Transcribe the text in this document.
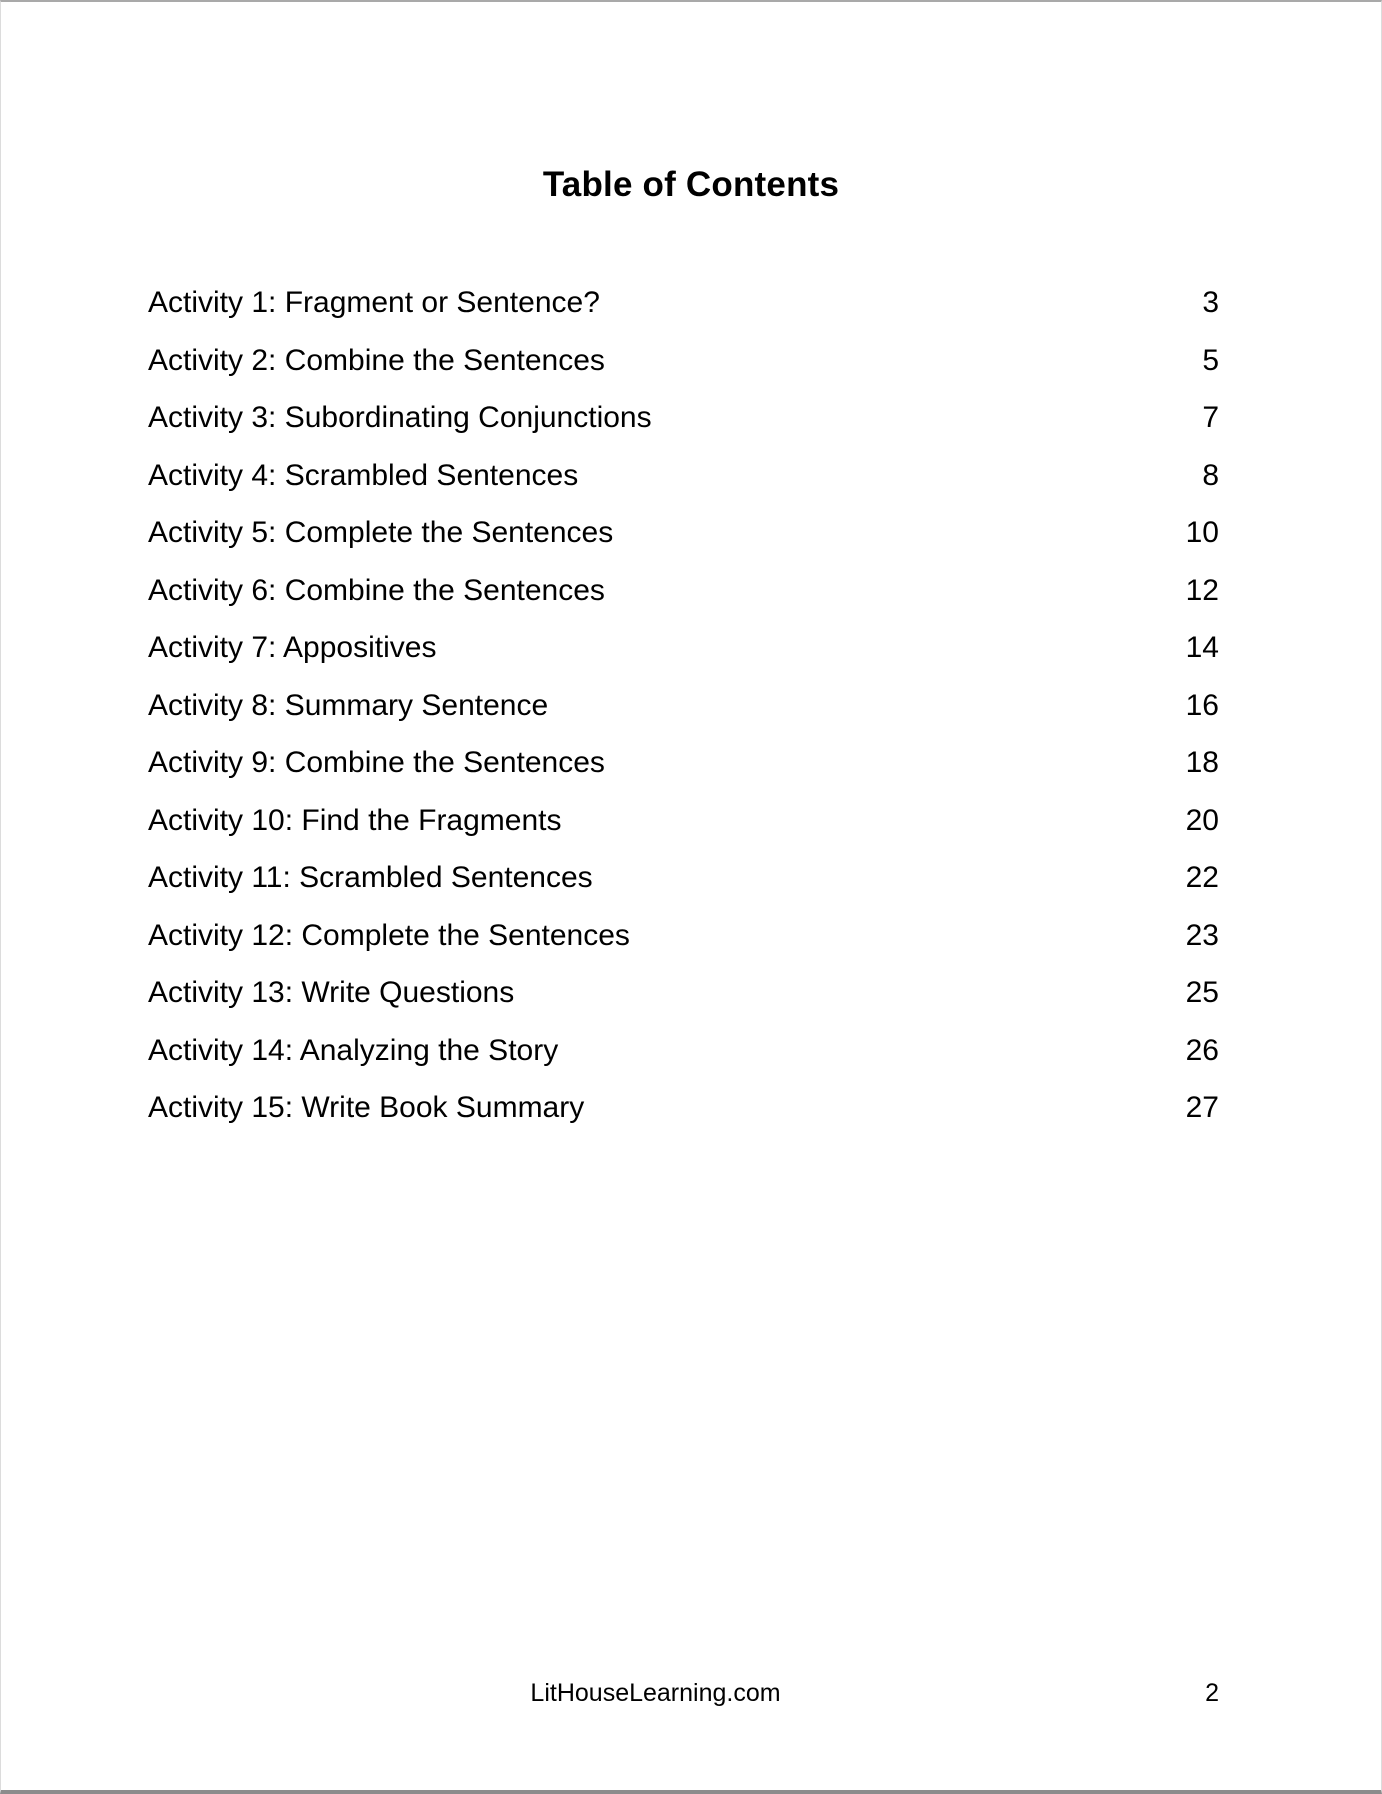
Table of Contents
Activity 1: Fragment or Sentence?	3
Activity 2: Combine the Sentences	5
Activity 3: Subordinating Conjunctions	7
Activity 4: Scrambled Sentences	8
Activity 5: Complete the Sentences	10
Activity 6: Combine the Sentences	12
Activity 7: Appositives	14
Activity 8: Summary Sentence	16
Activity 9: Combine the Sentences	18
Activity 10: Find the Fragments	20
Activity 11: Scrambled Sentences	22
Activity 12: Complete the Sentences	23
Activity 13: Write Questions	25
Activity 14: Analyzing the Story	26
Activity 15: Write Book Summary	27
LitHouseLearning.com	2
